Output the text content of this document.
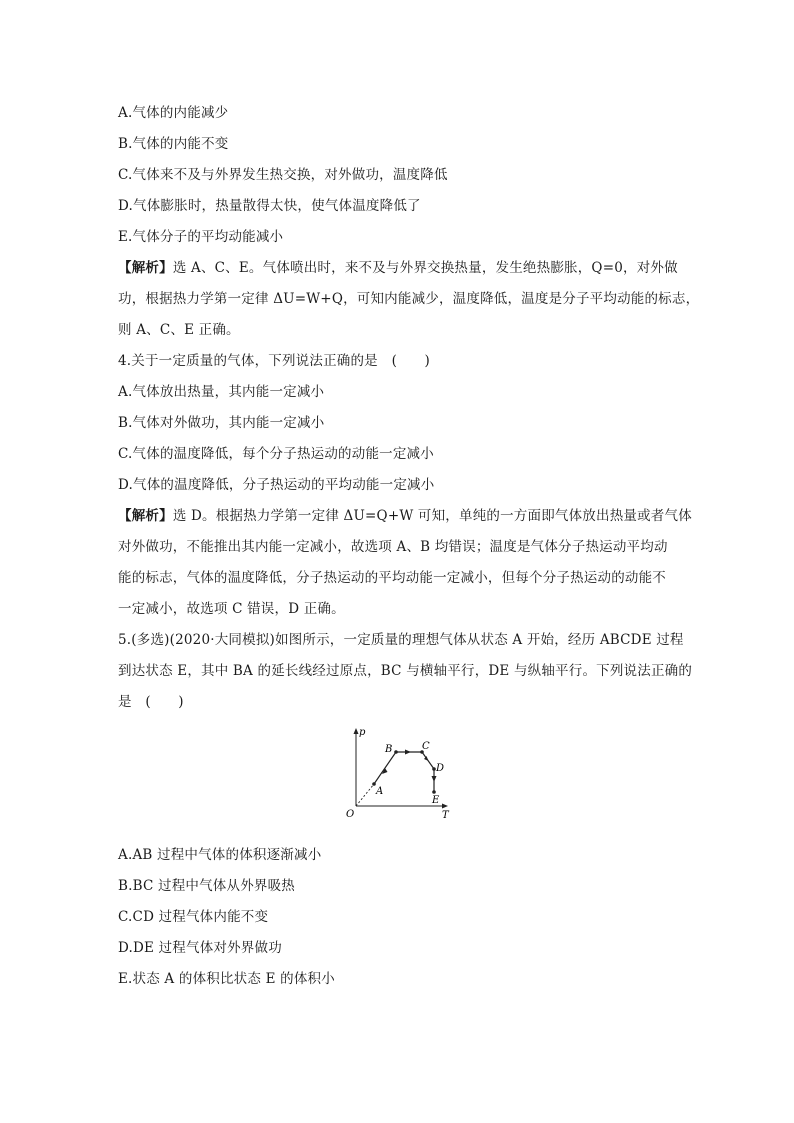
A.气体的内能减少
B.气体的内能不变
C.气体来不及与外界发生热交换，对外做功，温度降低
D.气体膨胀时，热量散得太快，使气体温度降低了
E.气体分子的平均动能减小
【解析】选 A、C、E。气体喷出时，来不及与外界交换热量，发生绝热膨胀，Q=0，对外做
功，根据热力学第一定律 ΔU=W+Q，可知内能减少，温度降低，温度是分子平均动能的标志，
则 A、C、E 正确。
4.关于一定质量的气体，下列说法正确的是　(　　)
A.气体放出热量，其内能一定减小
B.气体对外做功，其内能一定减小
C.气体的温度降低，每个分子热运动的动能一定减小
D.气体的温度降低，分子热运动的平均动能一定减小
【解析】选 D。根据热力学第一定律 ΔU=Q+W 可知，单纯的一方面即气体放出热量或者气体
对外做功，不能推出其内能一定减小，故选项 A、B 均错误；温度是气体分子热运动平均动
能的标志，气体的温度降低，分子热运动的平均动能一定减小，但每个分子热运动的动能不
一定减小，故选项 C 错误，D 正确。
5.(多选)(2020·大同模拟)如图所示，一定质量的理想气体从状态 A 开始，经历 ABCDE 过程
到达状态 E，其中 BA 的延长线经过原点，BC 与横轴平行，DE 与纵轴平行。下列说法正确的
是　(　　)
p
T
O
A
B	C
D
E
A.AB 过程中气体的体积逐渐减小
B.BC 过程中气体从外界吸热
C.CD 过程气体内能不变
D.DE 过程气体对外界做功
E.状态 A 的体积比状态 E 的体积小
